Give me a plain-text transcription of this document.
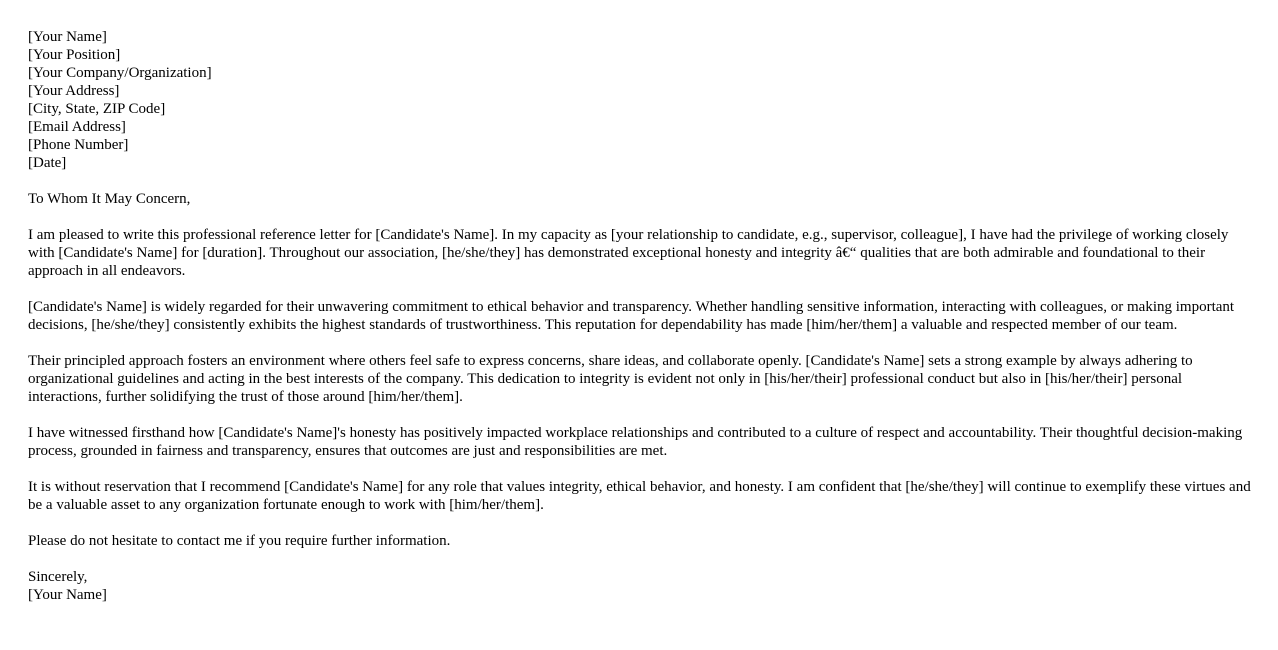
[Your Name]
[Your Position]
[Your Company/Organization]
[Your Address]
[City, State, ZIP Code]
[Email Address]
[Phone Number]
[Date]

To Whom It May Concern,

I am pleased to write this professional reference letter for [Candidate's Name]. In my capacity as [your relationship to candidate, e.g., supervisor, colleague], I have had the privilege of working closely with [Candidate's Name] for [duration]. Throughout our association, [he/she/they] has demonstrated exceptional honesty and integrity â€“ qualities that are both admirable and foundational to their approach in all endeavors.

[Candidate's Name] is widely regarded for their unwavering commitment to ethical behavior and transparency. Whether handling sensitive information, interacting with colleagues, or making important decisions, [he/she/they] consistently exhibits the highest standards of trustworthiness. This reputation for dependability has made [him/her/them] a valuable and respected member of our team.

Their principled approach fosters an environment where others feel safe to express concerns, share ideas, and collaborate openly. [Candidate's Name] sets a strong example by always adhering to organizational guidelines and acting in the best interests of the company. This dedication to integrity is evident not only in [his/her/their] professional conduct but also in [his/her/their] personal interactions, further solidifying the trust of those around [him/her/them].

I have witnessed firsthand how [Candidate's Name]'s honesty has positively impacted workplace relationships and contributed to a culture of respect and accountability. Their thoughtful decision-making process, grounded in fairness and transparency, ensures that outcomes are just and responsibilities are met.

It is without reservation that I recommend [Candidate's Name] for any role that values integrity, ethical behavior, and honesty. I am confident that [he/she/they] will continue to exemplify these virtues and be a valuable asset to any organization fortunate enough to work with [him/her/them].

Please do not hesitate to contact me if you require further information.

Sincerely,
[Your Name]
